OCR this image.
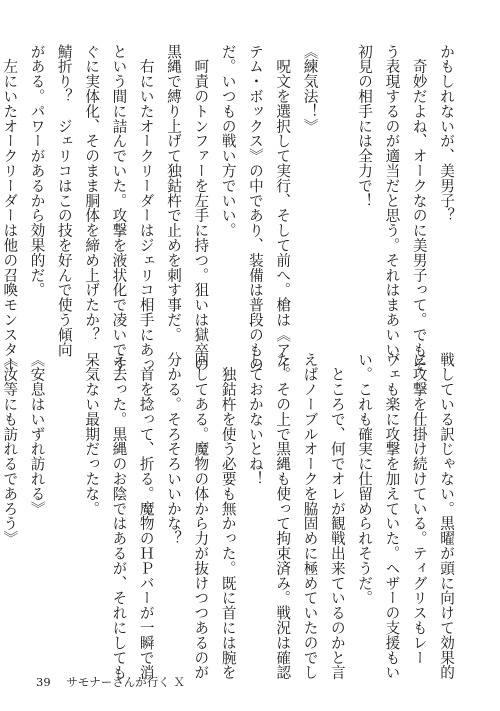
かもしれないが、美男子？
　奇妙だよね、オークなのに美男子って。でもそ
う表現するのが適当だと思う。それはまあいい、
初見の相手には全力で！

《練気法！》
　呪文を選択して実行、そして前へ。槍は《アイ
テム・ボックス》の中であり、装備は普段のもの
だ。いつもの戦い方でいい。
　呵責のトンファーを左手に持つ。狙いは獄卒の
黒縄で縛り上げて独鈷杵で止めを刺す事だ。
　右にいたオークリーダーはジェリコ相手にあっ
という間に詰んでいた。攻撃を液状化で凌いです
ぐに実体化、そのまま胴体を締め上げたか？
鯖折り？　ジェリコはこの技を好んで使う傾向
がある。パワーがあるから効果的だ。
　左にいたオークリーダーは他の召喚モンスター
戦している訳じゃない。黒曜が頭に向けて効果的
に攻撃を仕掛け続けている。ティグリスもレー
ヴェも楽に攻撃を加えていた。ヘザーの支援もい
い。これも確実に仕留められそうだ。
　ところで、何でオレが観戦出来ているのかと言
えばノーブルオークを脇固めに極めていたのでし
た。その上で黒縄も使って拘束済み。戦況は確認
しておかないとね！
　独鈷杵を使う必要も無かった。既に首には腕を
回してある。魔物の体から力が抜けつつあるのが
分かる。そろそろいいかな？
　首を捻って、折る。魔物のＨＰバーが一瞬で消
え去った。黒縄のお陰ではあるが、それにしても
呆気ない最期だったな。

《安息はいずれ訪れる》
《汝等にも訪れるであろう》
39 サモナーさんが行く Ｘ
